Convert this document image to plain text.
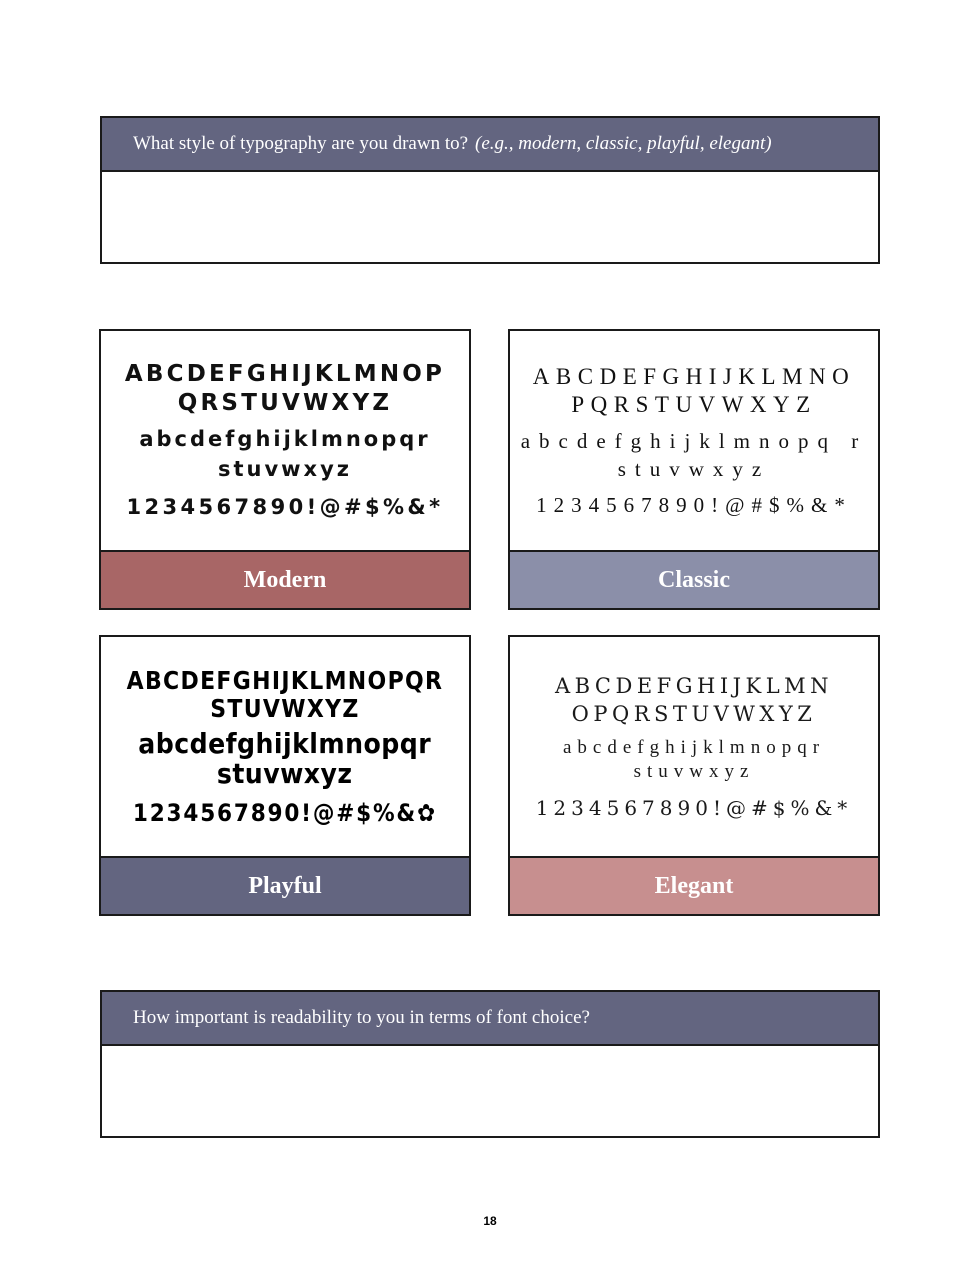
What style of typography are you drawn to? (e.g., modern, classic, playful, elegant)
ABCDEFGHIJKLMNOP
QRSTUVWXYZ
abcdefghijklmnopqr
stuvwxyz
1234567890!@#$%&*
Modern
ABCDEFGHIJKLMNO
PQRSTUVWXYZ
abcdefghijklmnopq r
stuvwxyz
1234567890!@#$%&*
Classic
ABCDEFGHIJKLMNOPQR
STUVWXYZ
abcdefghijklmnopqr
stuvwxyz
1234567890!@#$%&✿
Playful
ABCDEFGHIJKLMN
OPQRSTUVWXYZ
abcdefghijklmnopqr
stuvwxyz
1234567890!@#$%&*
Elegant
How important is readability to you in terms of font choice?
18
